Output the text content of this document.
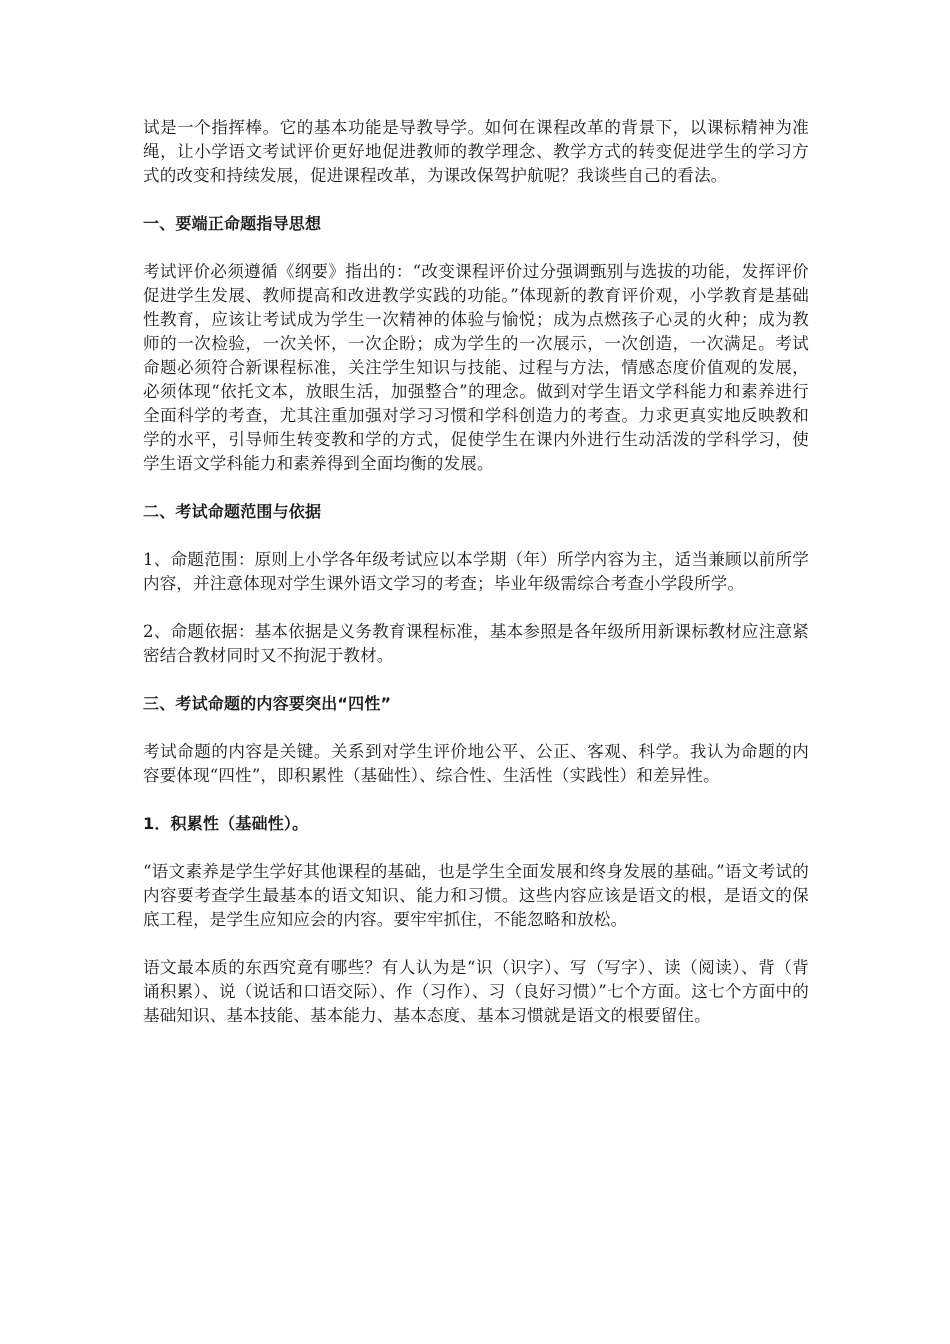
试是一个指挥棒。它的基本功能是导教导学。如何在课程改革的背景下，以课标精神为准绳，让小学语文考试评价更好地促进教师的教学理念、教学方式的转变促进学生的学习方式的改变和持续发展，促进课程改革，为课改保驾护航呢？我谈些自己的看法。

一、要端正命题指导思想

考试评价必须遵循《纲要》指出的：“改变课程评价过分强调甄别与选拔的功能，发挥评价促进学生发展、教师提高和改进教学实践的功能。”体现新的教育评价观，小学教育是基础性教育，应该让考试成为学生一次精神的体验与愉悦；成为点燃孩子心灵的火种；成为教师的一次检验，一次关怀，一次企盼；成为学生的一次展示，一次创造，一次满足。考试命题必须符合新课程标准，关注学生知识与技能、过程与方法，情感态度价值观的发展，必须体现“依托文本，放眼生活，加强整合”的理念。做到对学生语文学科能力和素养进行全面科学的考查，尤其注重加强对学习习惯和学科创造力的考查。力求更真实地反映教和学的水平，引导师生转变教和学的方式，促使学生在课内外进行生动活泼的学科学习，使学生语文学科能力和素养得到全面均衡的发展。

二、考试命题范围与依据

1、命题范围：原则上小学各年级考试应以本学期（年）所学内容为主，适当兼顾以前所学内容，并注意体现对学生课外语文学习的考查；毕业年级需综合考查小学段所学。

2、命题依据：基本依据是义务教育课程标准，基本参照是各年级所用新课标教材应注意紧密结合教材同时又不拘泥于教材。

三、考试命题的内容要突出“四性”

考试命题的内容是关键。关系到对学生评价地公平、公正、客观、科学。我认为命题的内容要体现“四性”，即积累性（基础性）、综合性、生活性（实践性）和差异性。

1．积累性（基础性）。

“语文素养是学生学好其他课程的基础，也是学生全面发展和终身发展的基础。”语文考试的内容要考查学生最基本的语文知识、能力和习惯。这些内容应该是语文的根，是语文的保底工程，是学生应知应会的内容。要牢牢抓住，不能忽略和放松。

语文最本质的东西究竟有哪些？有人认为是“识（识字）、写（写字）、读（阅读）、背（背诵积累）、说（说话和口语交际）、作（习作）、习（良好习惯）”七个方面。这七个方面中的基础知识、基本技能、基本能力、基本态度、基本习惯就是语文的根要留住。
